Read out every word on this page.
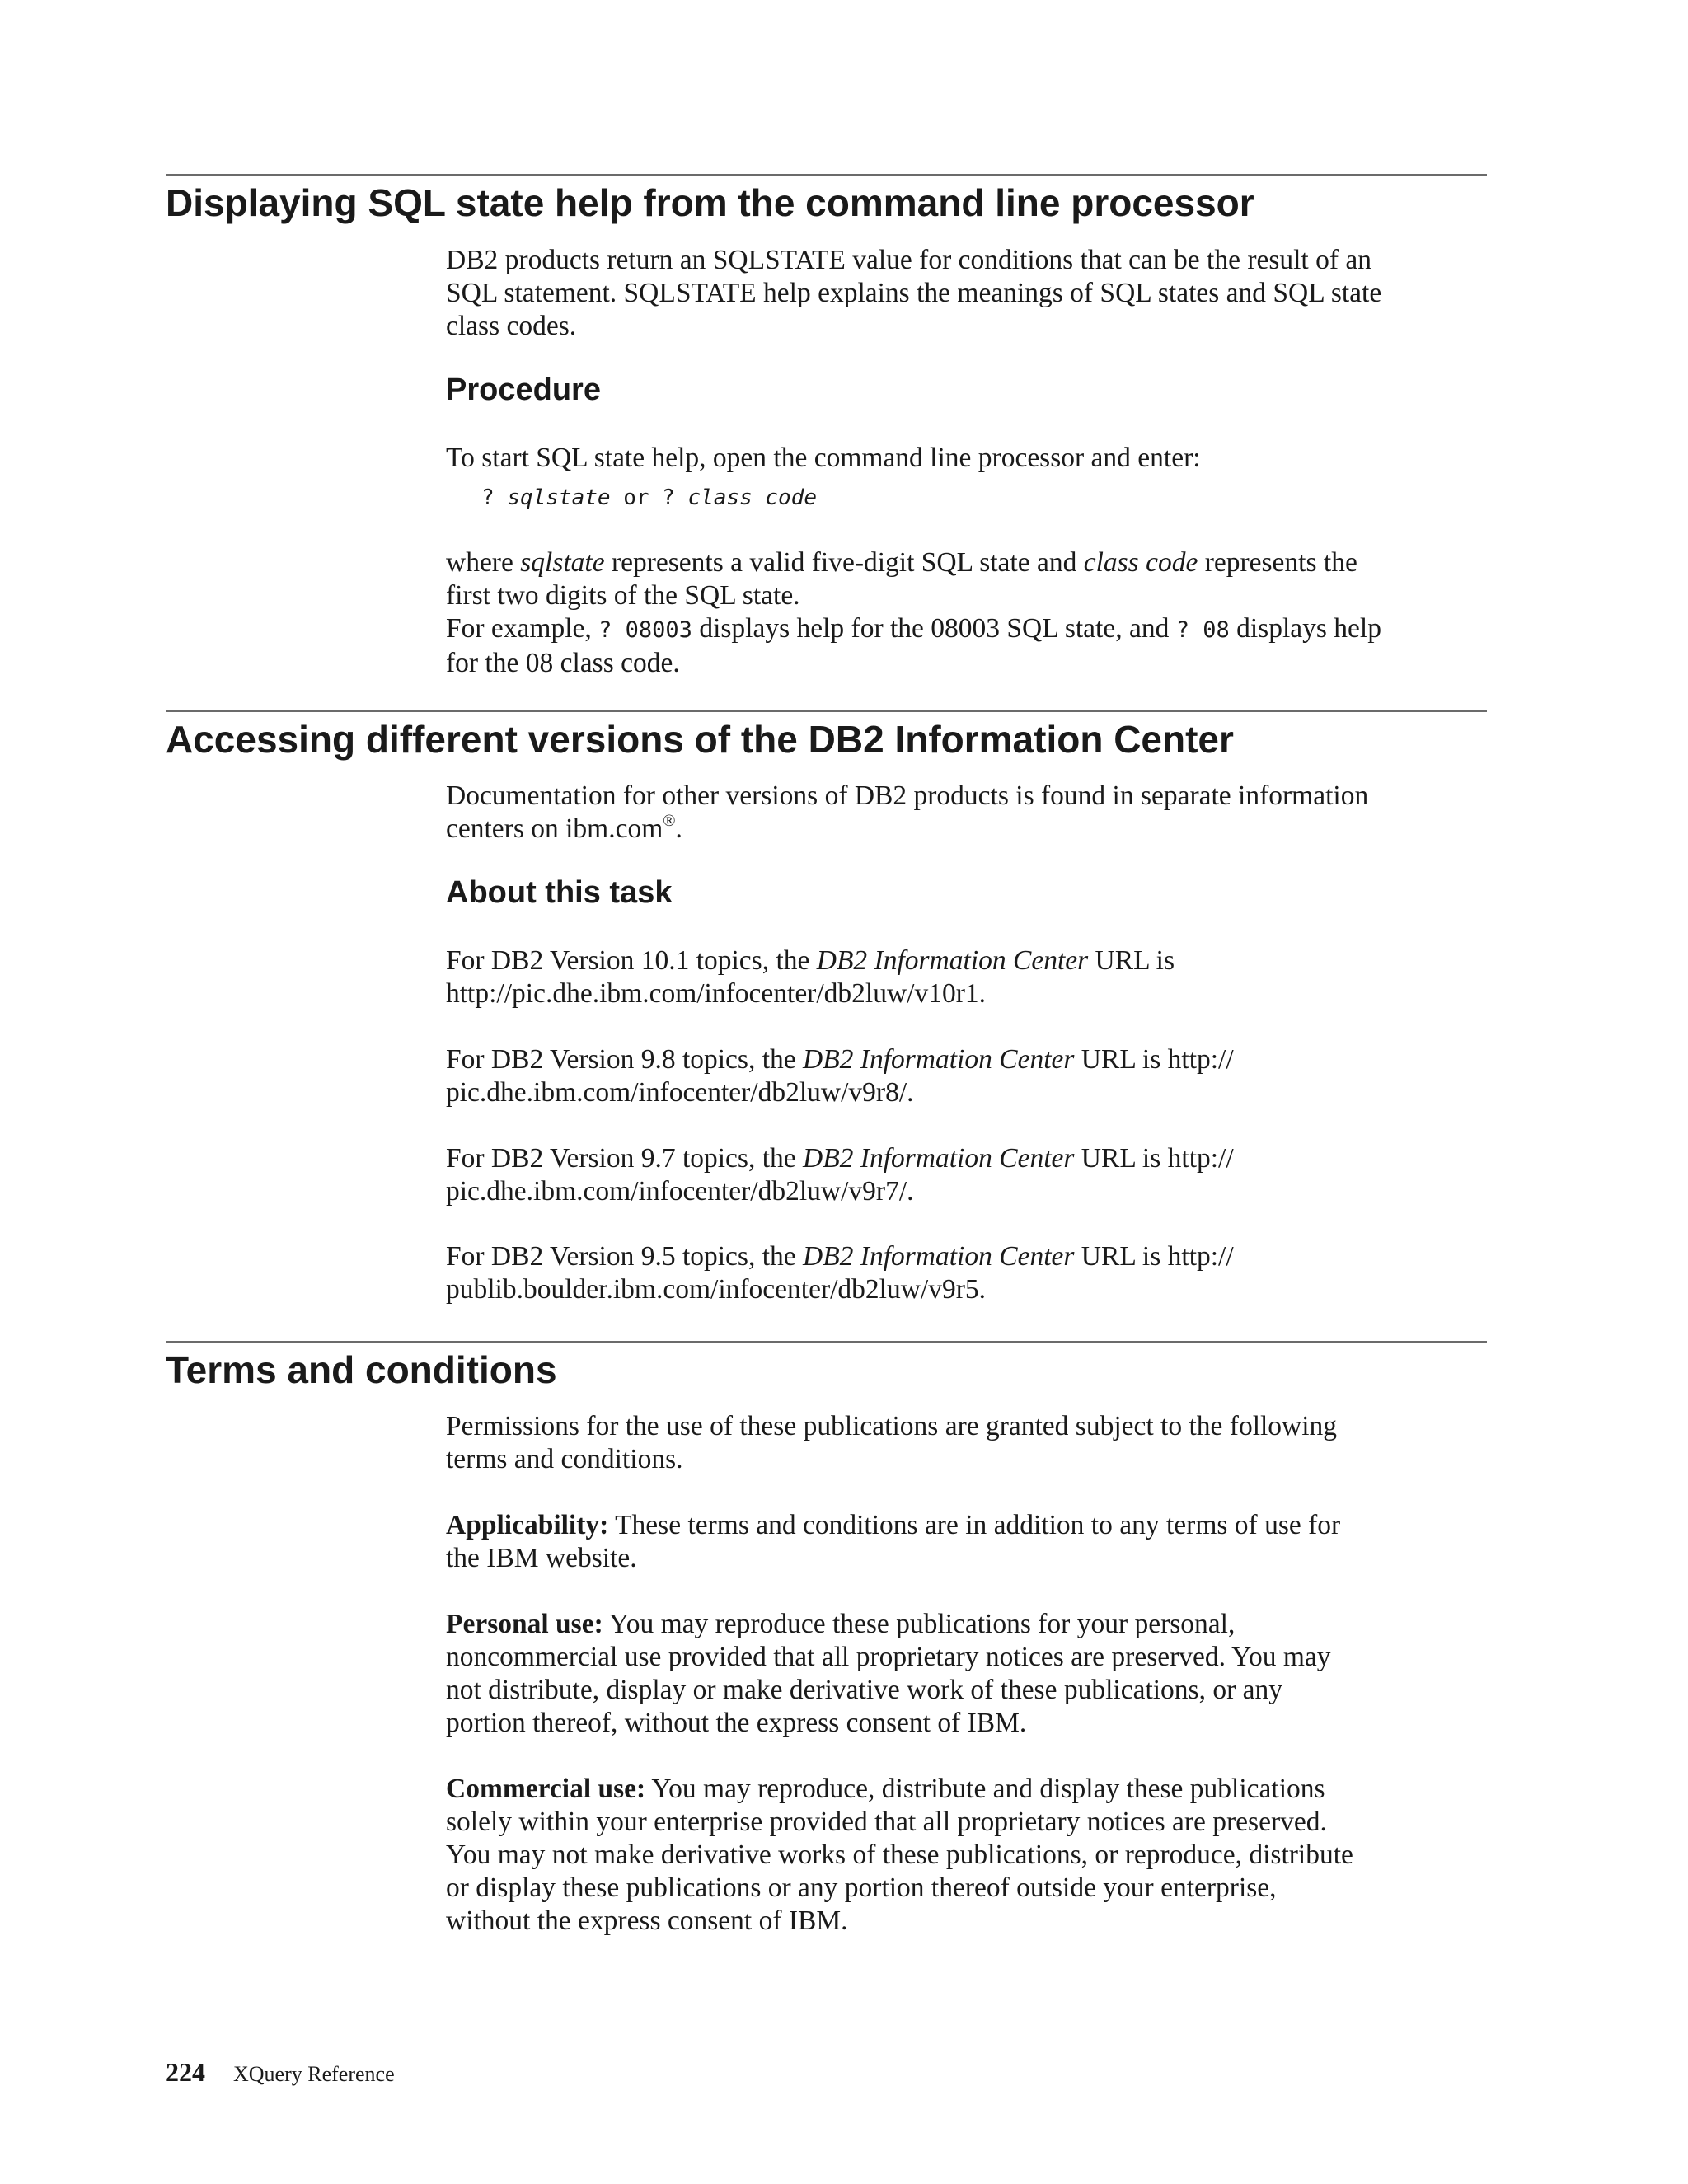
Displaying SQL state help from the command line processor
DB2 products return an SQLSTATE value for conditions that can be the result of an
SQL statement. SQLSTATE help explains the meanings of SQL states and SQL state
class codes.
Procedure
To start SQL state help, open the command line processor and enter:
? sqlstate or ? class code
where sqlstate represents a valid five-digit SQL state and class code represents the
first two digits of the SQL state.
For example, ? 08003 displays help for the 08003 SQL state, and ? 08 displays help
for the 08 class code.
Accessing different versions of the DB2 Information Center
Documentation for other versions of DB2 products is found in separate information
centers on ibm.com®.
About this task
For DB2 Version 10.1 topics, the DB2 Information Center URL is
http://pic.dhe.ibm.com/infocenter/db2luw/v10r1.
For DB2 Version 9.8 topics, the DB2 Information Center URL is http://
pic.dhe.ibm.com/infocenter/db2luw/v9r8/.
For DB2 Version 9.7 topics, the DB2 Information Center URL is http://
pic.dhe.ibm.com/infocenter/db2luw/v9r7/.
For DB2 Version 9.5 topics, the DB2 Information Center URL is http://
publib.boulder.ibm.com/infocenter/db2luw/v9r5.
Terms and conditions
Permissions for the use of these publications are granted subject to the following
terms and conditions.
Applicability: These terms and conditions are in addition to any terms of use for
the IBM website.
Personal use: You may reproduce these publications for your personal,
noncommercial use provided that all proprietary notices are preserved. You may
not distribute, display or make derivative work of these publications, or any
portion thereof, without the express consent of IBM.
Commercial use: You may reproduce, distribute and display these publications
solely within your enterprise provided that all proprietary notices are preserved.
You may not make derivative works of these publications, or reproduce, distribute
or display these publications or any portion thereof outside your enterprise,
without the express consent of IBM.
224 XQuery Reference
